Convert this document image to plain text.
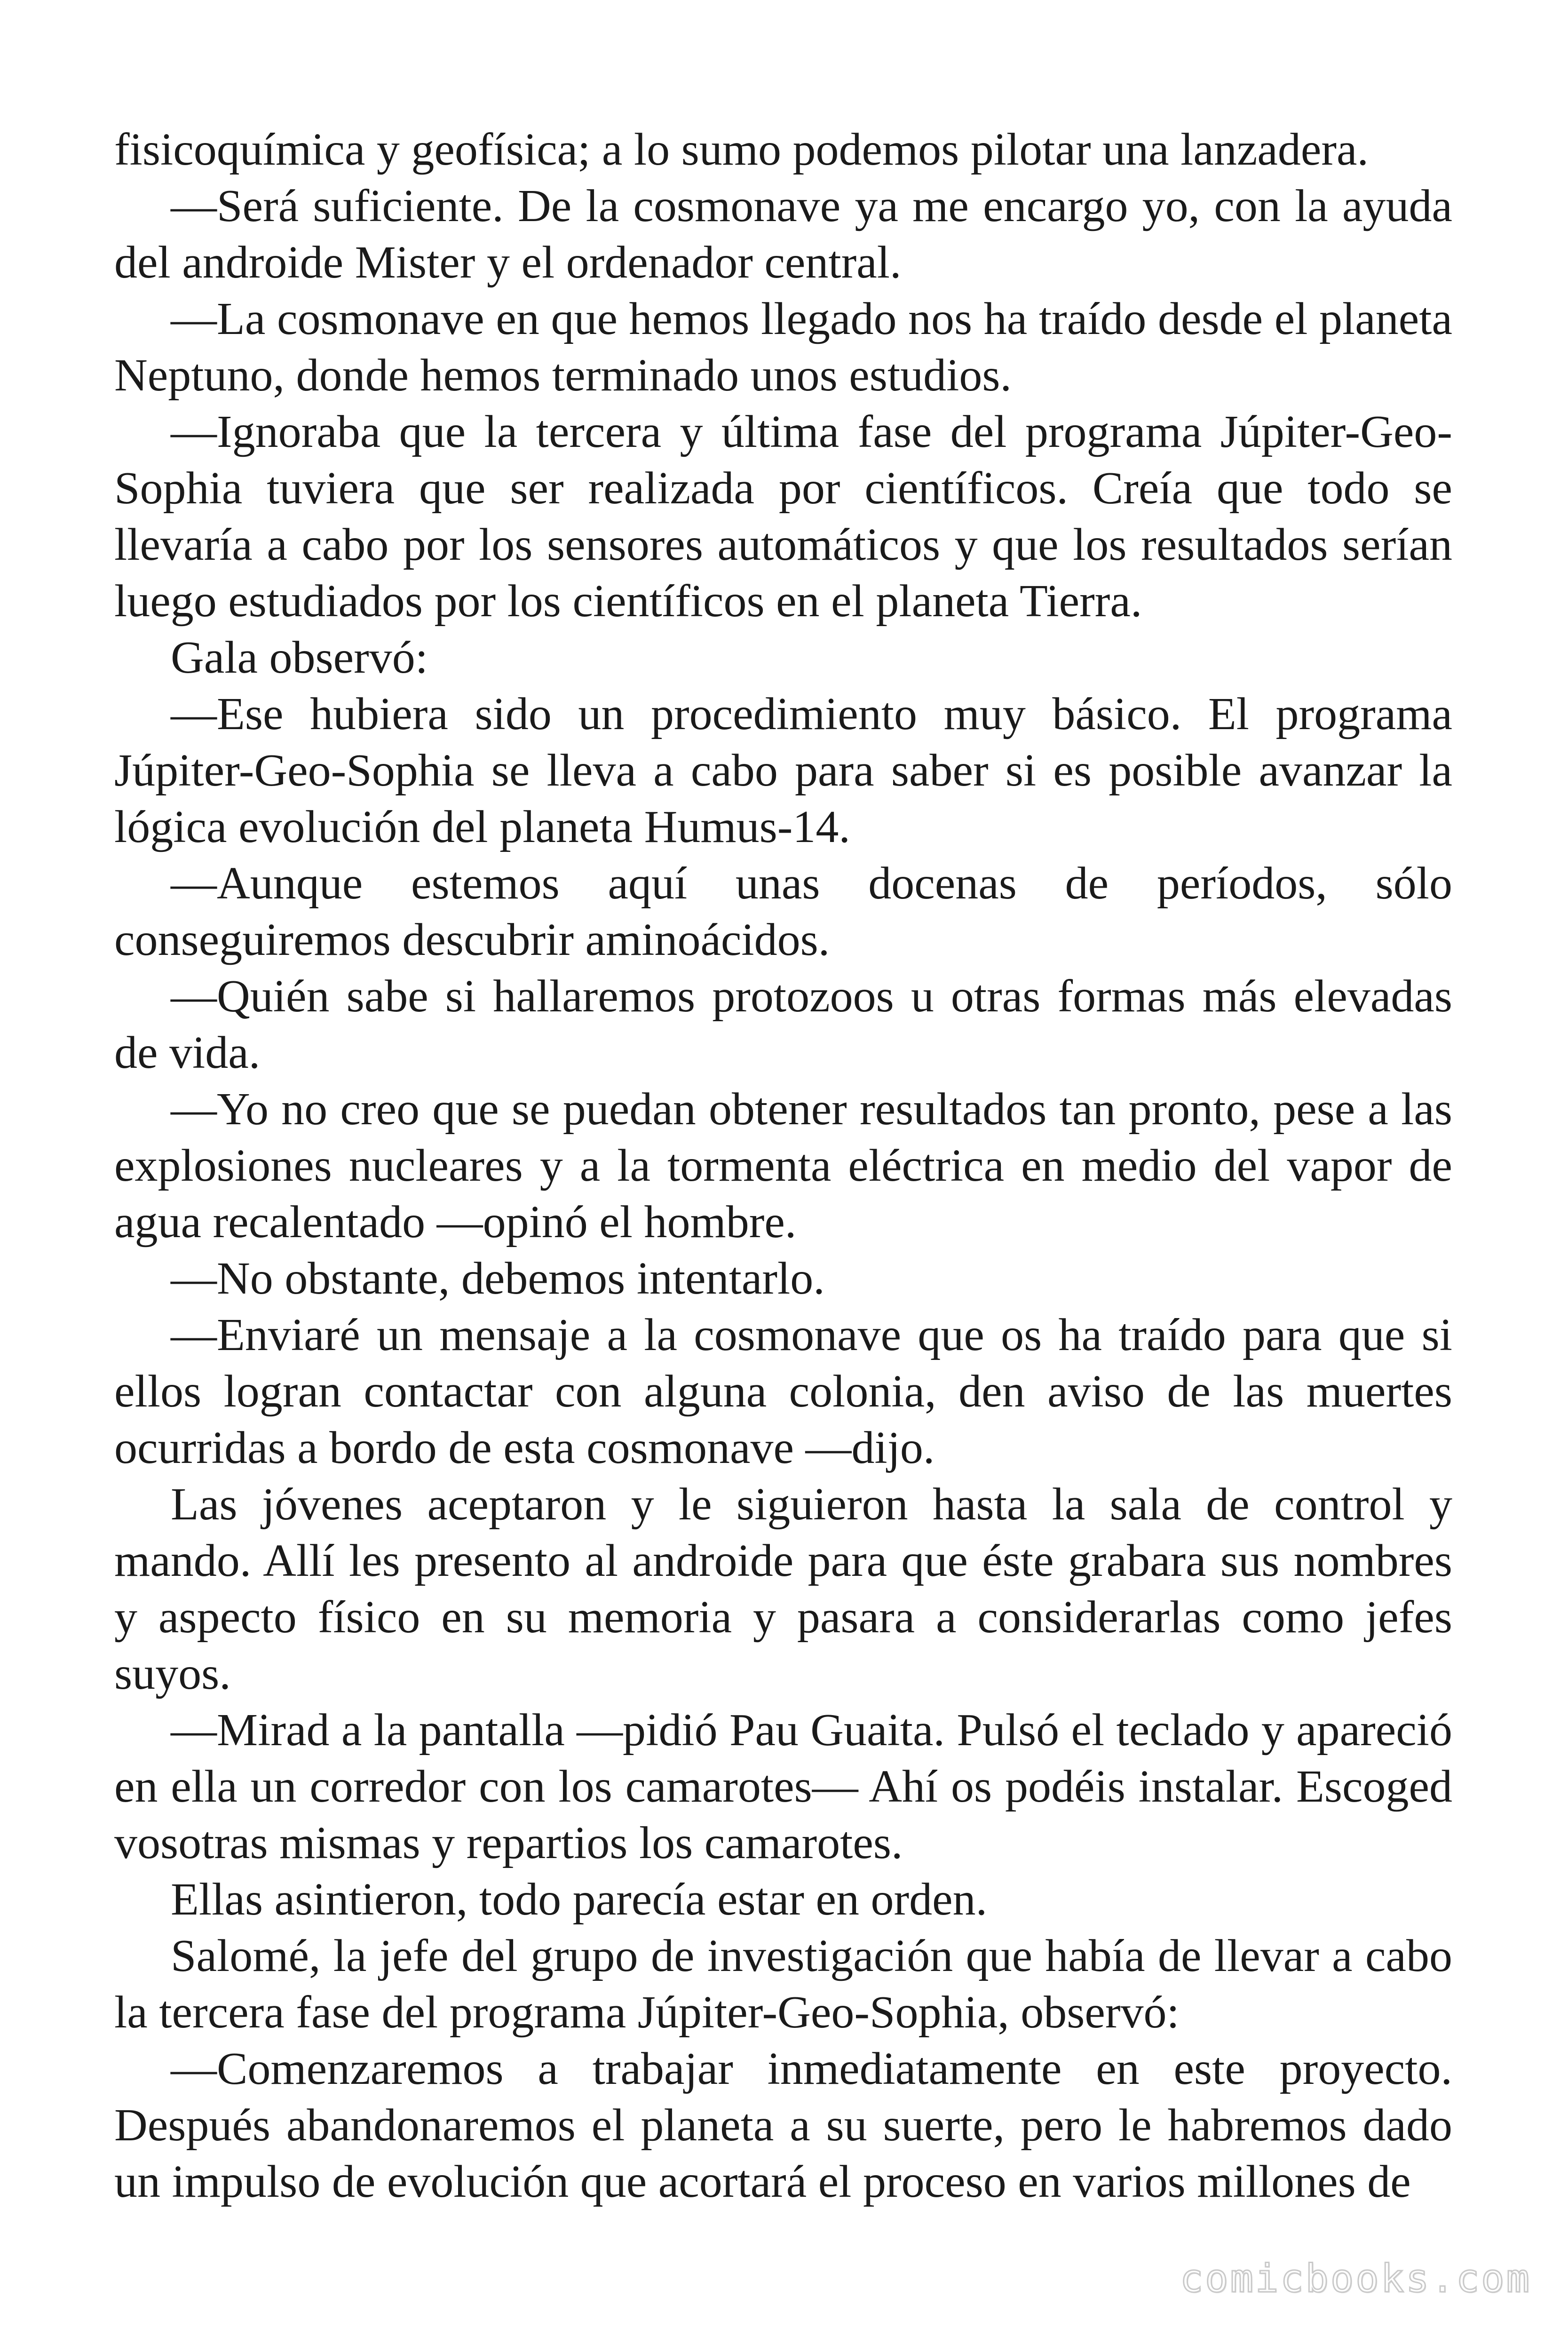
fisicoquímica y geofísica; a lo sumo podemos pilotar una lanzadera.

—Será suficiente. De la cosmonave ya me encargo yo, con la ayuda del androide Mister y el ordenador central.

—La cosmonave en que hemos llegado nos ha traído desde el planeta Neptuno, donde hemos terminado unos estudios.

—Ignoraba que la tercera y última fase del programa Júpiter-Geo-Sophia tuviera que ser realizada por científicos. Creía que todo se llevaría a cabo por los sensores automáticos y que los resultados serían luego estudiados por los científicos en el planeta Tierra.

Gala observó:

—Ese hubiera sido un procedimiento muy básico. El programa Júpiter-Geo-Sophia se lleva a cabo para saber si es posible avanzar la lógica evolución del planeta Humus-14.

—Aunque estemos aquí unas docenas de períodos, sólo conseguiremos descubrir aminoácidos.

—Quién sabe si hallaremos protozoos u otras formas más elevadas de vida.

—Yo no creo que se puedan obtener resultados tan pronto, pese a las explosiones nucleares y a la tormenta eléctrica en medio del vapor de agua recalentado —opinó el hombre.

—No obstante, debemos intentarlo.

—Enviaré un mensaje a la cosmonave que os ha traído para que si ellos logran contactar con alguna colonia, den aviso de las muertes ocurridas a bordo de esta cosmonave —dijo.

Las jóvenes aceptaron y le siguieron hasta la sala de control y mando. Allí les presento al androide para que éste grabara sus nombres y aspecto físico en su memoria y pasara a considerarlas como jefes suyos.

—Mirad a la pantalla —pidió Pau Guaita. Pulsó el teclado y apareció en ella un corredor con los camarotes— Ahí os podéis instalar. Escoged vosotras mismas y repartios los camarotes.

Ellas asintieron, todo parecía estar en orden.

Salomé, la jefe del grupo de investigación que había de llevar a cabo la tercera fase del programa Júpiter-Geo-Sophia, observó:

—Comenzaremos a trabajar inmediatamente en este proyecto. Después abandonaremos el planeta a su suerte, pero le habremos dado un impulso de evolución que acortará el proceso en varios millones de

comicbooks.com
